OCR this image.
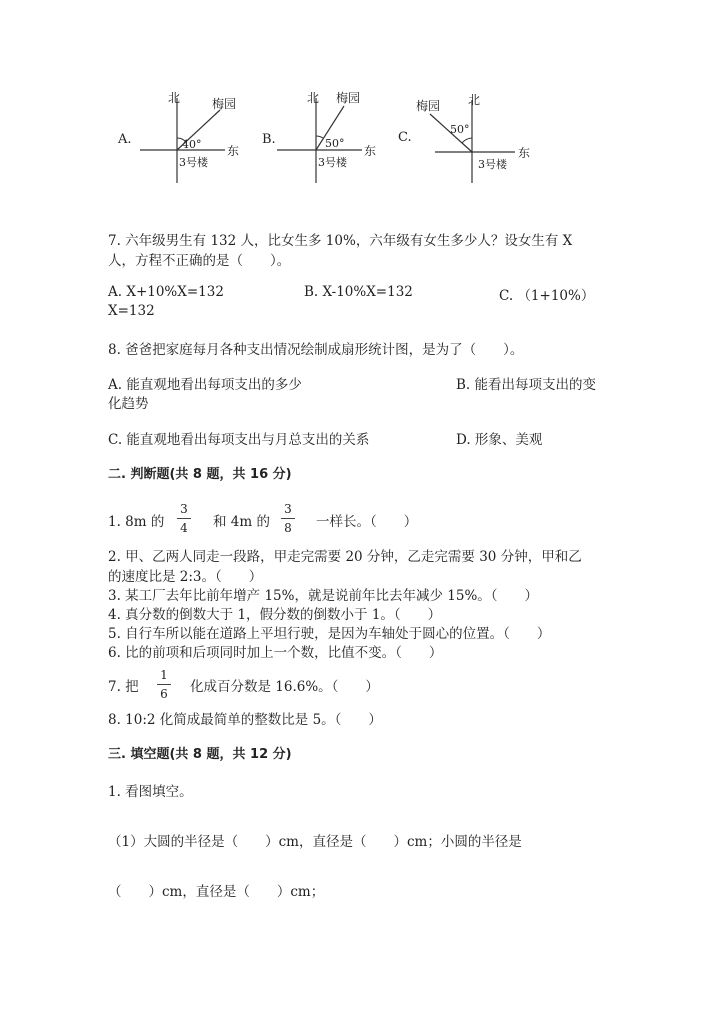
A.
北	梅园
40°
3号楼
东
B.
北 梅园
50°
3号楼
东
C.
梅园 北
50°
3号楼
东
7. 六年级男生有 132 人，比女生多 10%，六年级有女生多少人？设女生有 X
人，方程不正确的是（　　）。
A. X+10%X=132	B. X-10%X=132	C. （1+10%）
X=132
8. 爸爸把家庭每月各种支出情况绘制成扇形统计图，是为了（　　）。
A. 能直观地看出每项支出的多少	B. 能看出每项支出的变
化趋势
C. 能直观地看出每项支出与月总支出的关系	D. 形象、美观
二. 判断题(共 8 题，共 16 分)
1. 8m 的
3
4	和 4m 的
3
8	一样长。（　　）
2. 甲、乙两人同走一段路，甲走完需要 20 分钟，乙走完需要 30 分钟，甲和乙
的速度比是 2:3。（　　）
3. 某工厂去年比前年增产 15%，就是说前年比去年减少 15%。（　　）
4. 真分数的倒数大于 1，假分数的倒数小于 1。（　　）
5. 自行车所以能在道路上平坦行驶，是因为车轴处于圆心的位置。（　　）
6. 比的前项和后项同时加上一个数，比值不变。（　　）
7. 把
1
6	化成百分数是 16.6%。（　　）
8. 10:2 化简成最简单的整数比是 5。（　　）
三. 填空题(共 8 题，共 12 分)
1. 看图填空。
（1）大圆的半径是（　　）cm，直径是（　　）cm；小圆的半径是
（　　）cm，直径是（　　）cm；
